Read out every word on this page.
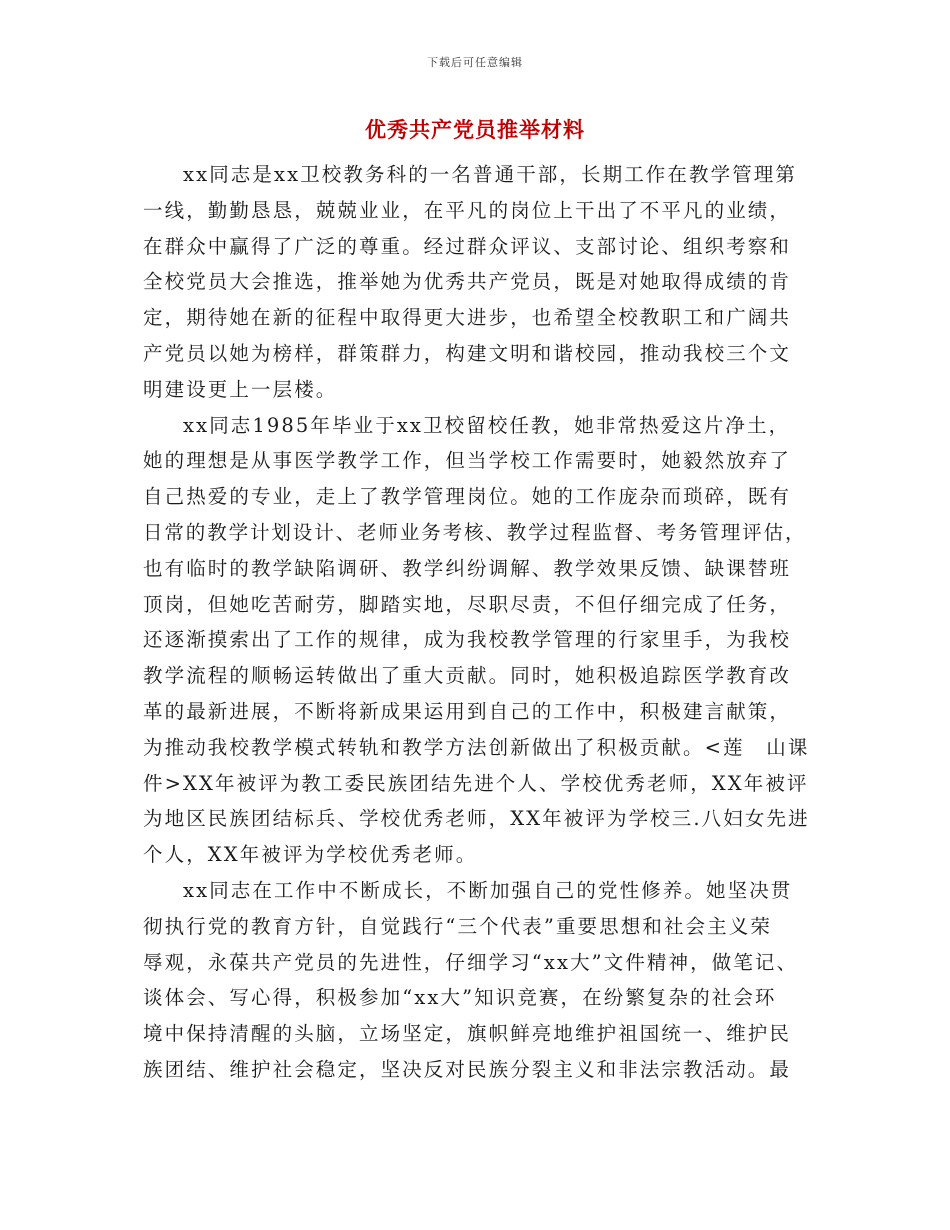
下载后可任意编辑
优秀共产党员推举材料
xx同志是xx卫校教务科的一名普通干部，长期工作在教学管理第
一线，勤勤恳恳，兢兢业业，在平凡的岗位上干出了不平凡的业绩，
在群众中赢得了广泛的尊重。经过群众评议、支部讨论、组织考察和
全校党员大会推选，推举她为优秀共产党员，既是对她取得成绩的肯
定，期待她在新的征程中取得更大进步，也希望全校教职工和广阔共
产党员以她为榜样，群策群力，构建文明和谐校园，推动我校三个文
明建设更上一层楼。
xx同志1985年毕业于xx卫校留校任教，她非常热爱这片净土，
她的理想是从事医学教学工作，但当学校工作需要时，她毅然放弃了
自己热爱的专业，走上了教学管理岗位。她的工作庞杂而琐碎，既有
日常的教学计划设计、老师业务考核、教学过程监督、考务管理评估，
也有临时的教学缺陷调研、教学纠纷调解、教学效果反馈、缺课替班
顶岗，但她吃苦耐劳，脚踏实地，尽职尽责，不但仔细完成了任务，
还逐渐摸索出了工作的规律，成为我校教学管理的行家里手，为我校
教学流程的顺畅运转做出了重大贡献。同时，她积极追踪医学教育改
革的最新进展，不断将新成果运用到自己的工作中，积极建言献策，
为推动我校教学模式转轨和教学方法创新做出了积极贡献。<莲　山课
件>XX年被评为教工委民族团结先进个人、学校优秀老师，XX年被评
为地区民族团结标兵、学校优秀老师，XX年被评为学校三.八妇女先进
个人，XX年被评为学校优秀老师。
xx同志在工作中不断成长，不断加强自己的党性修养。她坚决贯
彻执行党的教育方针，自觉践行“三个代表”重要思想和社会主义荣
辱观，永葆共产党员的先进性，仔细学习“xx大”文件精神，做笔记、
谈体会、写心得，积极参加“xx大”知识竞赛，在纷繁复杂的社会环
境中保持清醒的头脑，立场坚定，旗帜鲜亮地维护祖国统一、维护民
族团结、维护社会稳定，坚决反对民族分裂主义和非法宗教活动。最
